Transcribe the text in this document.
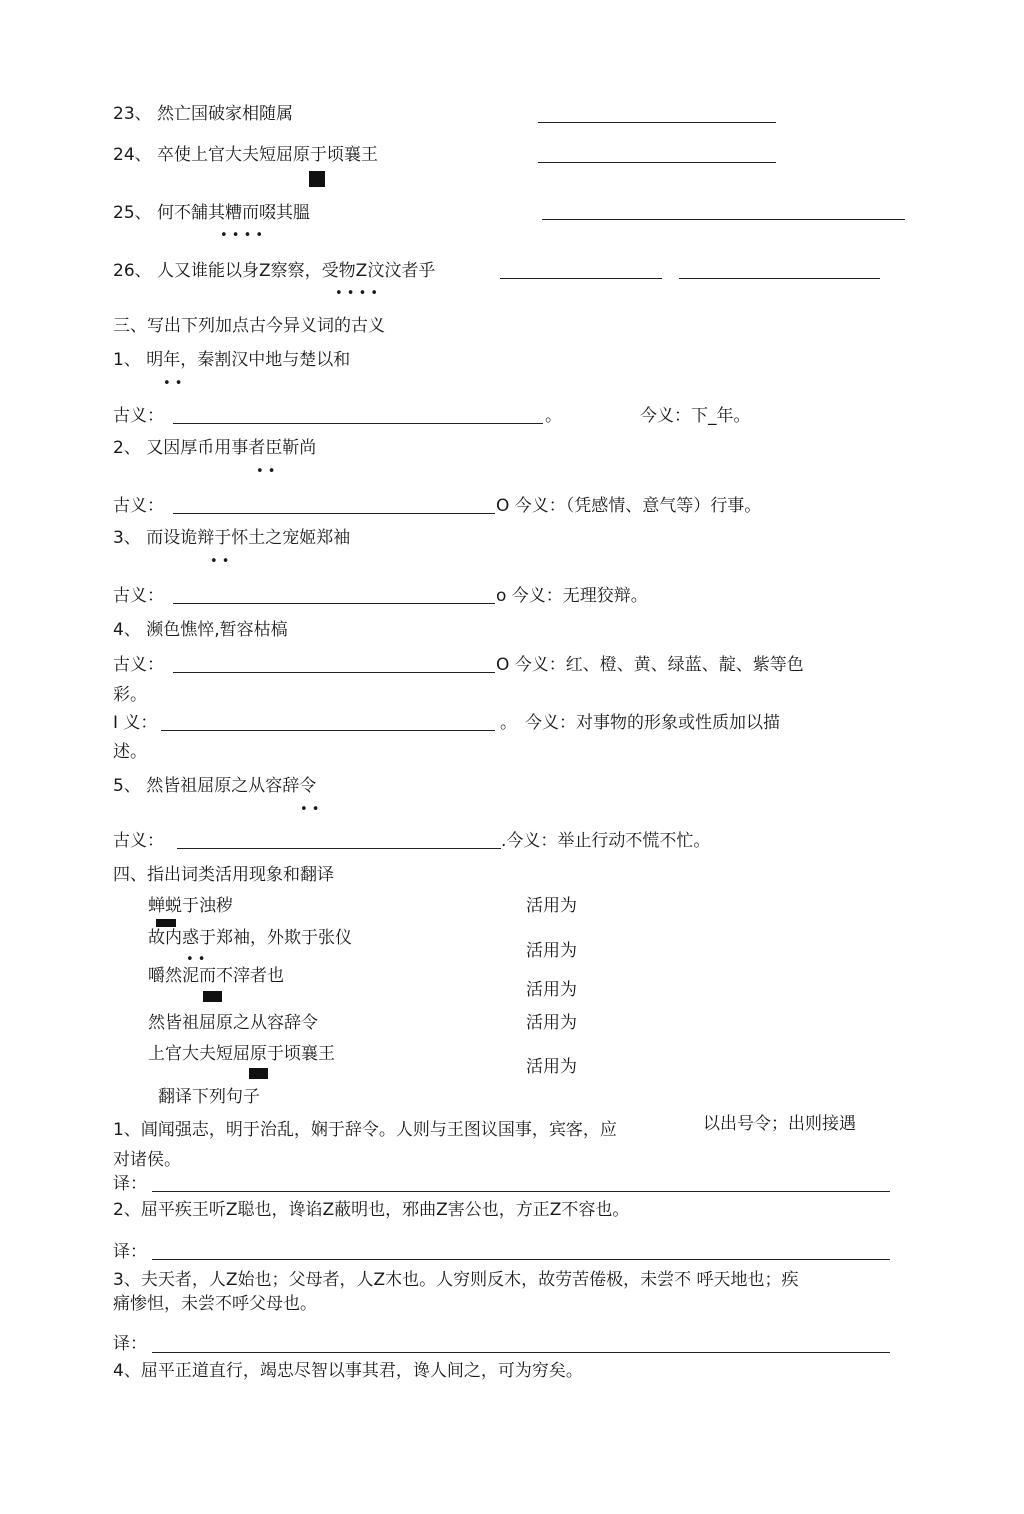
23、 然亡国破家相随属
24、 卒使上官大夫短屈原于顷襄王
25、 何不舗其糟而啜其膃
• • • •
26、 人又谁能以身Z察察，受物Z汶汶者乎
• • • •
三、写出下列加点古今异义词的古义
1、 明年，秦割汉中地与楚以和
• •
古义：	。	今义：下_年。
2、 又因厚币用事者臣靳尚
• •
古义：	O 今义：（凭感情、意气等）行事。
3、 而设诡辩于怀土之宠姬郑袖
• •
古义：	o 今义：无理狡辩。
4、 濒色憔悴,暂容枯槁
古义：	O 今义：红、橙、黄、绿蓝、靛、紫等色
彩。
I 义：	。 今义：对事物的形象或性质加以描
述。
5、 然皆祖屈原之从容辞令
• •
古义：	.今义：举止行动不慌不忙。
四、指出词类活用现象和翻译
蝉蜕于浊秽	活用为
故内惑于郑袖，外欺于张仪
• •	活用为
嚼然泥而不滓者也
活用为
然皆祖屈原之从容辞令	活用为
上官大夫短屈原于顷襄王
活用为
翻译下列句子
1、阊闻强志，明于治乱，娴于辞令。人则与王图议国事，宾客，应	以出号令；出则接遇
对诸侯。
译：
2、屈平疾王听Z聪也，谗谄Z蔽明也，邪曲Z害公也，方正Z不容也。
译：
3、夫天者，人Z始也；父母者，人Z木也。人穷则反木，故劳苦倦极，未尝不 呼天地也；疾
痛惨怛，未尝不呼父母也。
译：
4、屈平正道直行，竭忠尽智以事其君，谗人间之，可为穷矣。
